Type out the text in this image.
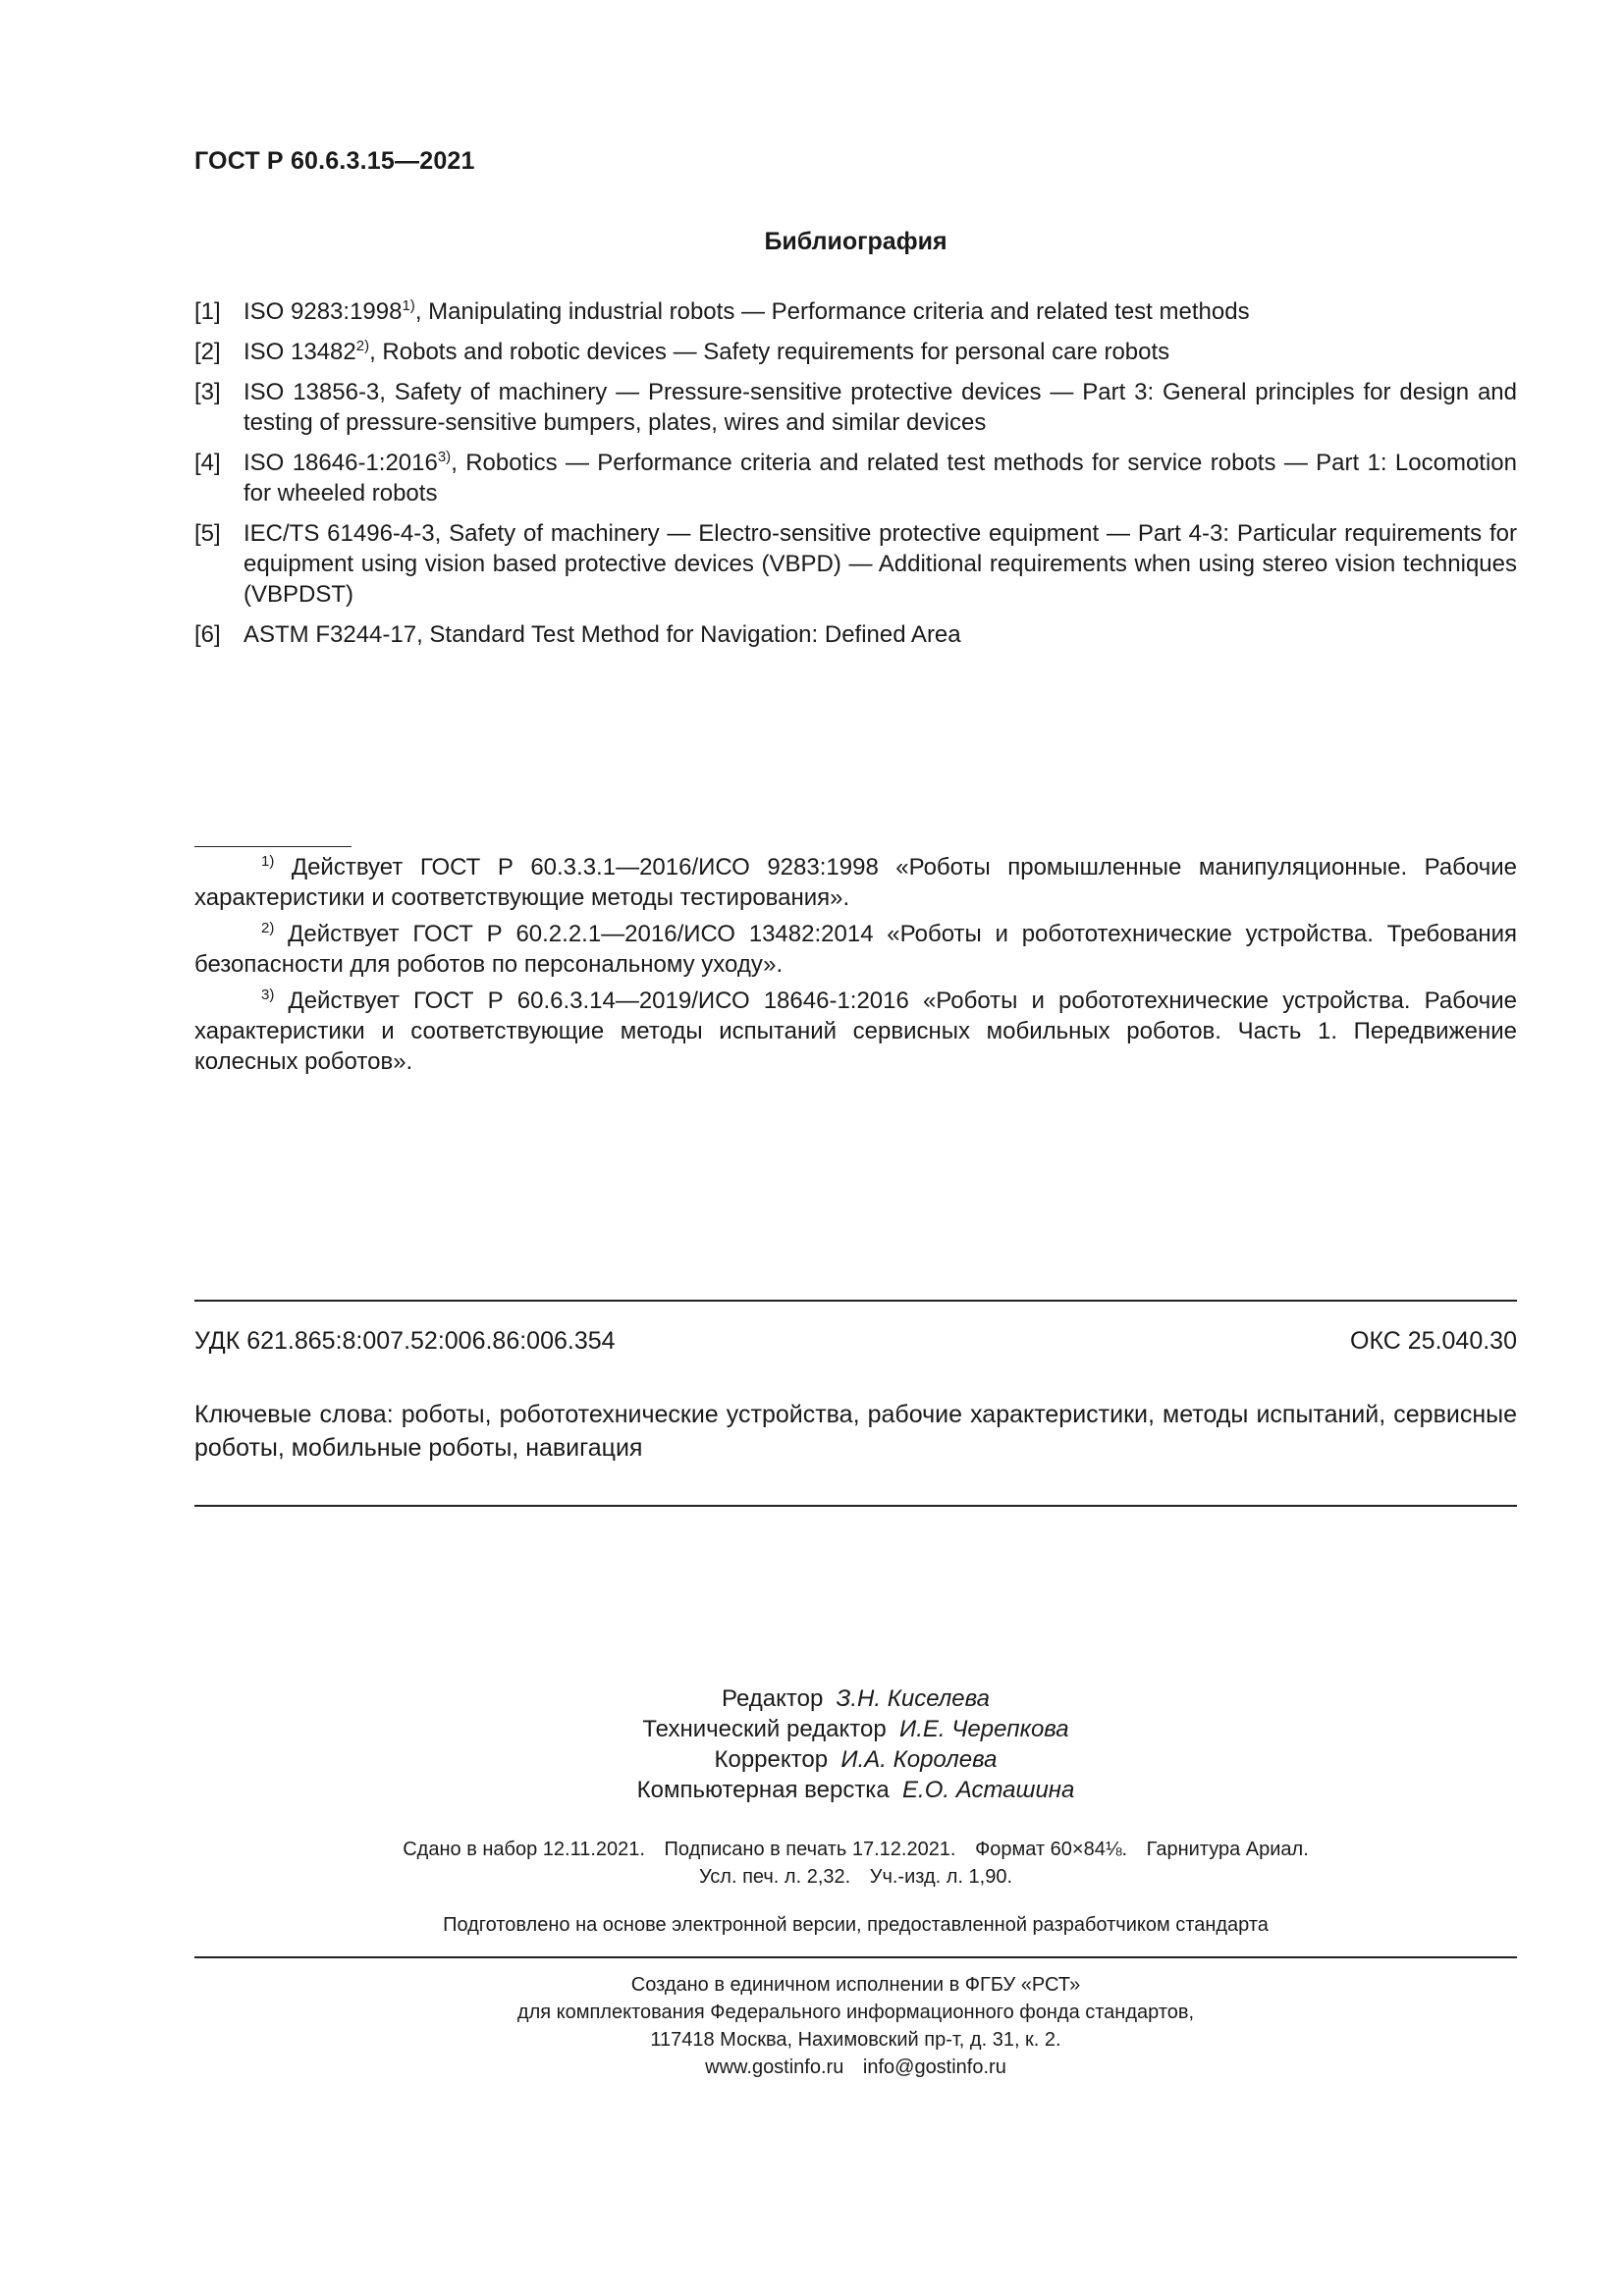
ГОСТ Р 60.6.3.15—2021
Библиография
[1] ISO 9283:1998$^{1)}$, Manipulating industrial robots — Performance criteria and related test methods
[2] ISO 13482$^{2)}$, Robots and robotic devices — Safety requirements for personal care robots
[3] ISO 13856-3, Safety of machinery — Pressure-sensitive protective devices — Part 3: General principles for design and testing of pressure-sensitive bumpers, plates, wires and similar devices
[4] ISO 18646-1:2016$^{3)}$, Robotics — Performance criteria and related test methods for service robots — Part 1: Locomotion for wheeled robots
[5] IEC/TS 61496-4-3, Safety of machinery — Electro-sensitive protective equipment — Part 4-3: Particular requirements for equipment using vision based protective devices (VBPD) — Additional requirements when using stereo vision techniques (VBPDST)
[6] ASTM F3244-17, Standard Test Method for Navigation: Defined Area
$^{1)}$ Действует ГОСТ Р 60.3.3.1—2016/ИСО 9283:1998 «Роботы промышленные манипуляционные. Рабочие характеристики и соответствующие методы тестирования».
$^{2)}$ Действует ГОСТ Р 60.2.2.1—2016/ИСО 13482:2014 «Роботы и робототехнические устройства. Требования безопасности для роботов по персональному уходу».
$^{3)}$ Действует ГОСТ Р 60.6.3.14—2019/ИСО 18646-1:2016 «Роботы и робототехнические устройства. Рабочие характеристики и соответствующие методы испытаний сервисных мобильных роботов. Часть 1. Передвижение колесных роботов».
УДК 621.865:8:007.52:006.86:006.354	ОКС 25.040.30
Ключевые слова: роботы, робототехнические устройства, рабочие характеристики, методы испытаний, сервисные роботы, мобильные роботы, навигация
Редактор З.Н. Киселева
Технический редактор И.Е. Черепкова
Корректор И.А. Королева
Компьютерная верстка Е.О. Асташина
Сдано в набор 12.11.2021. Подписано в печать 17.12.2021. Формат 60×84⅛. Гарнитура Ариал.
Усл. печ. л. 2,32. Уч.-изд. л. 1,90.
Подготовлено на основе электронной версии, предоставленной разработчиком стандарта
Создано в единичном исполнении в ФГБУ «РСТ»
для комплектования Федерального информационного фонда стандартов,
117418 Москва, Нахимовский пр-т, д. 31, к. 2.
www.gostinfo.ru info@gostinfo.ru
